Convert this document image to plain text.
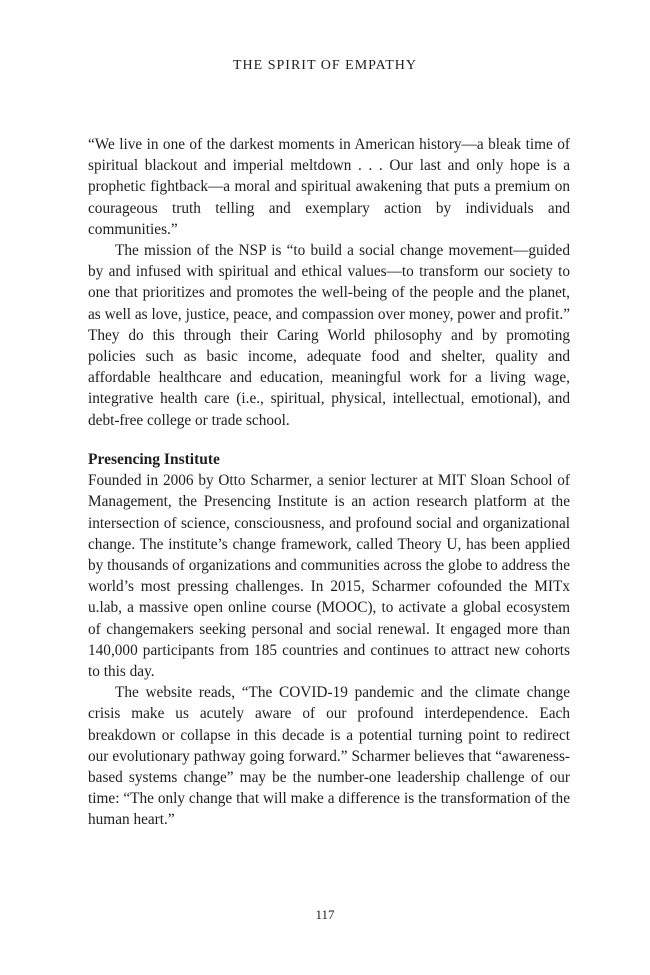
THE SPIRIT OF EMPATHY

“We live in one of the darkest moments in American history—a bleak time of spiritual blackout and imperial meltdown . . . Our last and only hope is a prophetic fightback—a moral and spiritual awakening that puts a premium on courageous truth telling and exemplary action by individuals and communities.”

The mission of the NSP is “to build a social change movement—guided by and infused with spiritual and ethical values—to transform our society to one that prioritizes and promotes the well-being of the people and the planet, as well as love, justice, peace, and compassion over money, power and profit.” They do this through their Caring World philosophy and by promoting policies such as basic income, adequate food and shelter, quality and affordable healthcare and education, meaningful work for a living wage, integrative health care (i.e., spiritual, physical, intellectual, emotional), and debt-free college or trade school.

Presencing Institute

Founded in 2006 by Otto Scharmer, a senior lecturer at MIT Sloan School of Management, the Presencing Institute is an action research platform at the intersection of science, consciousness, and profound social and organizational change. The institute’s change framework, called Theory U, has been applied by thousands of organizations and communities across the globe to address the world’s most pressing challenges. In 2015, Scharmer cofounded the MITx u.lab, a massive open online course (MOOC), to activate a global ecosystem of changemakers seeking personal and social renewal. It engaged more than 140,000 participants from 185 countries and continues to attract new cohorts to this day.

The website reads, “The COVID-19 pandemic and the climate change crisis make us acutely aware of our profound interdependence. Each breakdown or collapse in this decade is a potential turning point to redirect our evolutionary pathway going forward.” Scharmer believes that “awareness-based systems change” may be the number-one leadership challenge of our time: “The only change that will make a difference is the transformation of the human heart.”

117
